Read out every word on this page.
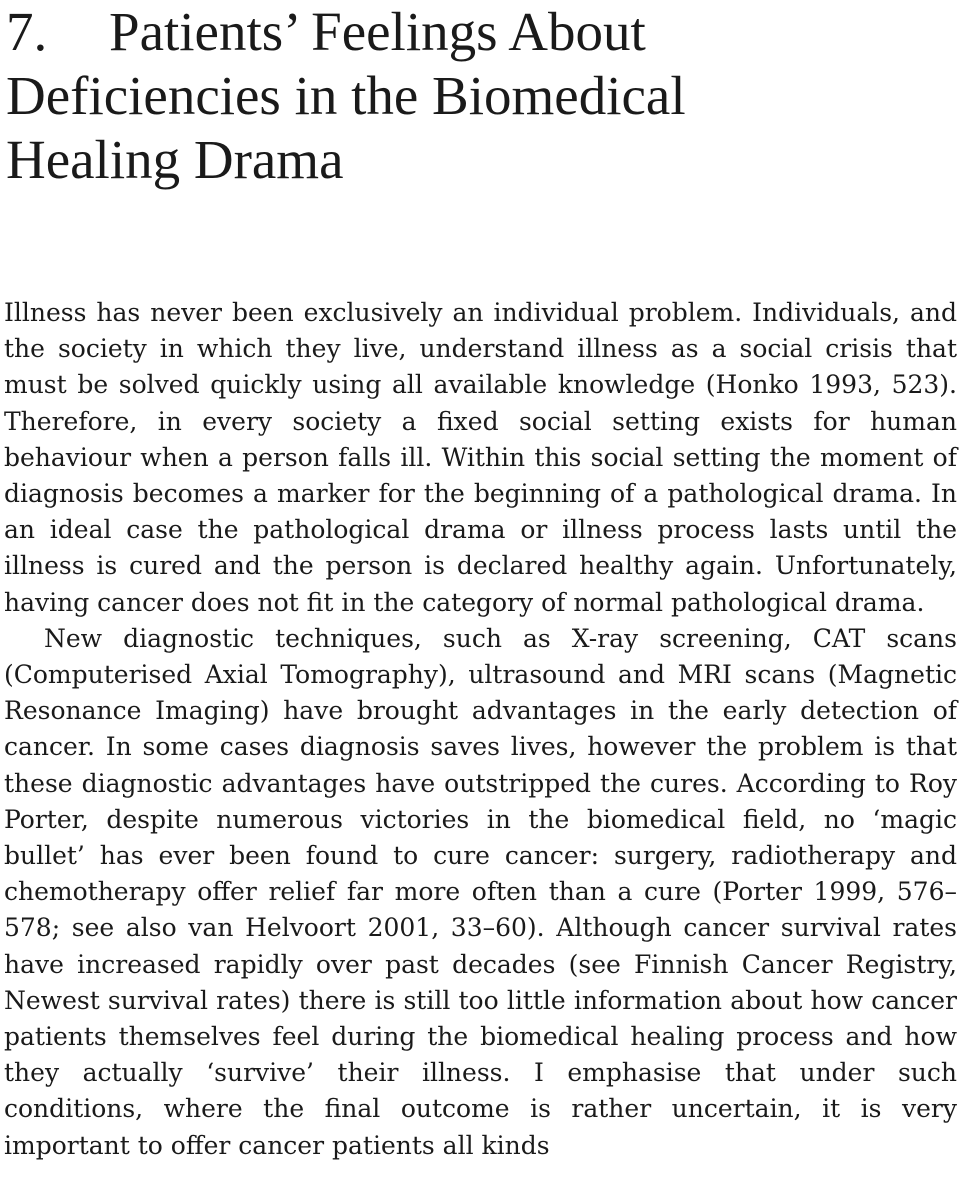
7. Patients’ Feelings About
Deficiencies in the Biomedical
Healing Drama

Illness has never been exclusively an individual problem. Individuals, and the society in which they live, understand illness as a social crisis that must be solved quickly using all available knowledge (Honko 1993, 523). Therefore, in every society a fixed social setting exists for human behaviour when a person falls ill. Within this social setting the moment of diagnosis becomes a marker for the beginning of a pathological drama. In an ideal case the pathological drama or illness process lasts until the illness is cured and the person is declared healthy again. Unfortunately, having cancer does not fit in the category of normal pathological drama.

New diagnostic techniques, such as X-ray screening, CAT scans (Computerised Axial Tomography), ultrasound and MRI scans (Magnetic Resonance Imaging) have brought advantages in the early detection of cancer. In some cases diagnosis saves lives, however the problem is that these diagnostic advantages have outstripped the cures. According to Roy Porter, despite numerous victories in the biomedical field, no ‘magic bullet’ has ever been found to cure cancer: surgery, radiotherapy and chemotherapy offer relief far more often than a cure (Porter 1999, 576–578; see also van Helvoort 2001, 33–60). Although cancer survival rates have increased rapidly over past decades (see Finnish Cancer Registry, Newest survival rates) there is still too little information about how cancer patients themselves feel during the biomedical healing process and how they actually ‘survive’ their illness. I emphasise that under such conditions, where the final outcome is rather uncertain, it is very important to offer cancer patients all kinds
